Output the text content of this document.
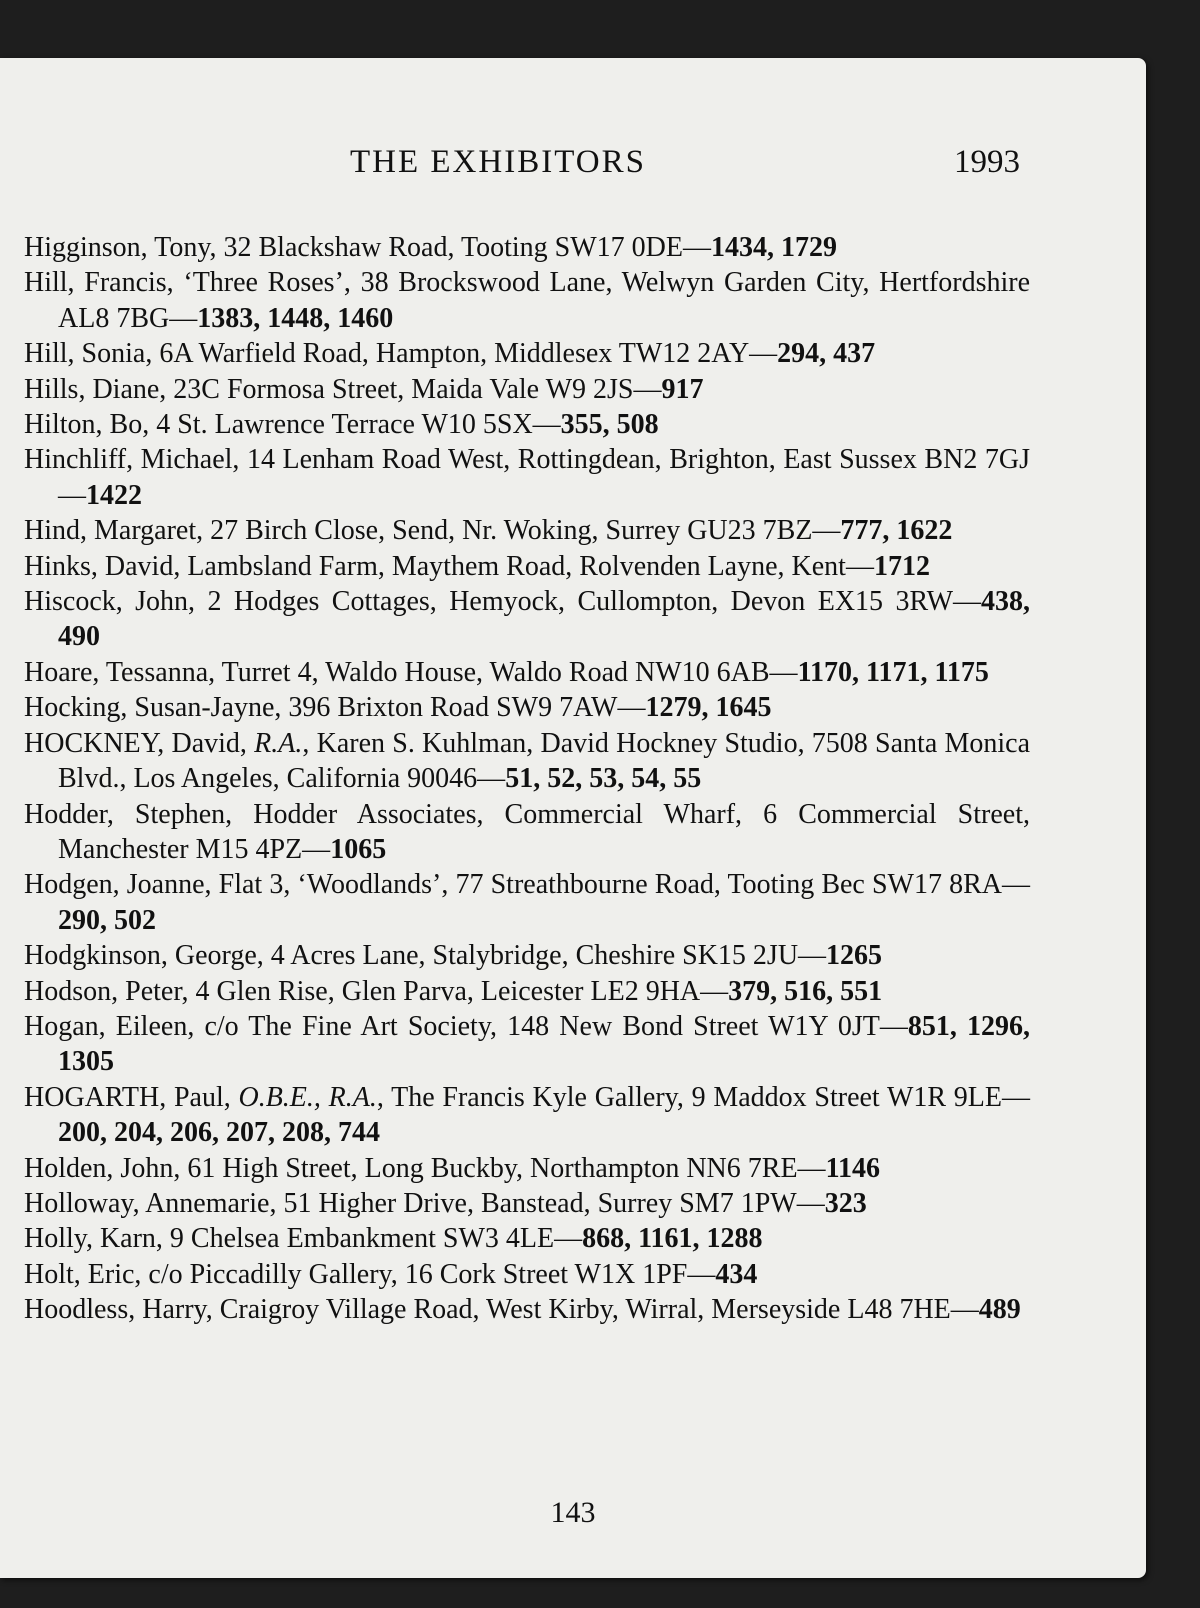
THE EXHIBITORS	1993
Higginson, Tony, 32 Blackshaw Road, Tooting SW17 0DE—1434, 1729
Hill, Francis, ‘Three Roses’, 38 Brockswood Lane, Welwyn Garden City, Hertfordshire AL8 7BG—1383, 1448, 1460
Hill, Sonia, 6A Warfield Road, Hampton, Middlesex TW12 2AY—294, 437
Hills, Diane, 23C Formosa Street, Maida Vale W9 2JS—917
Hilton, Bo, 4 St. Lawrence Terrace W10 5SX—355, 508
Hinchliff, Michael, 14 Lenham Road West, Rottingdean, Brighton, East Sussex BN2 7GJ—1422
Hind, Margaret, 27 Birch Close, Send, Nr. Woking, Surrey GU23 7BZ—777, 1622
Hinks, David, Lambsland Farm, Maythem Road, Rolvenden Layne, Kent—1712
Hiscock, John, 2 Hodges Cottages, Hemyock, Cullompton, Devon EX15 3RW—438, 490
Hoare, Tessanna, Turret 4, Waldo House, Waldo Road NW10 6AB—1170, 1171, 1175
Hocking, Susan-Jayne, 396 Brixton Road SW9 7AW—1279, 1645
HOCKNEY, David, R.A., Karen S. Kuhlman, David Hockney Studio, 7508 Santa Monica Blvd., Los Angeles, California 90046—51, 52, 53, 54, 55
Hodder, Stephen, Hodder Associates, Commercial Wharf, 6 Commercial Street, Manchester M15 4PZ—1065
Hodgen, Joanne, Flat 3, ‘Woodlands’, 77 Streathbourne Road, Tooting Bec SW17 8RA—290, 502
Hodgkinson, George, 4 Acres Lane, Stalybridge, Cheshire SK15 2JU—1265
Hodson, Peter, 4 Glen Rise, Glen Parva, Leicester LE2 9HA—379, 516, 551
Hogan, Eileen, c/o The Fine Art Society, 148 New Bond Street W1Y 0JT—851, 1296, 1305
HOGARTH, Paul, O.B.E., R.A., The Francis Kyle Gallery, 9 Maddox Street W1R 9LE—200, 204, 206, 207, 208, 744
Holden, John, 61 High Street, Long Buckby, Northampton NN6 7RE—1146
Holloway, Annemarie, 51 Higher Drive, Banstead, Surrey SM7 1PW—323
Holly, Karn, 9 Chelsea Embankment SW3 4LE—868, 1161, 1288
Holt, Eric, c/o Piccadilly Gallery, 16 Cork Street W1X 1PF—434
Hoodless, Harry, Craigroy Village Road, West Kirby, Wirral, Merseyside L48 7HE—489
143
